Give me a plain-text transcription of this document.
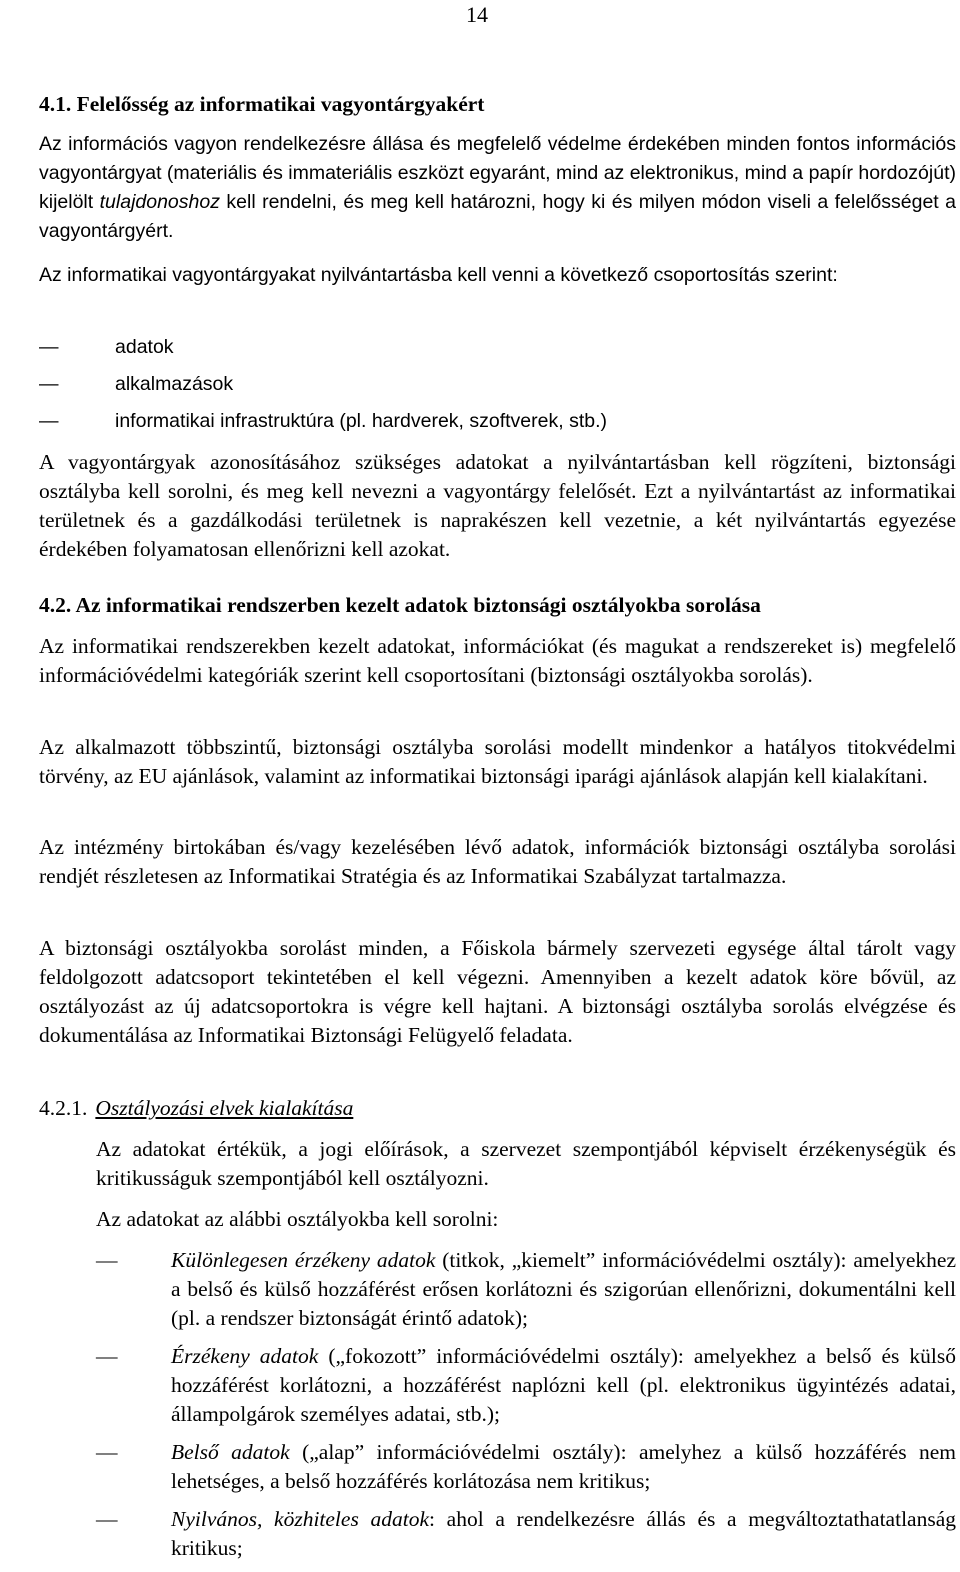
14
4.1. Felelősség az informatikai vagyontárgyakért

Az információs vagyon rendelkezésre állása és megfelelő védelme érdekében minden fontos információs vagyontárgyat (materiális és immateriális eszközt egyaránt, mind az elektronikus, mind a papír hordozójút) kijelölt tulajdonoshoz kell rendelni, és meg kell határozni, hogy ki és milyen módon viseli a felelősséget a vagyontárgyért.

Az informatikai vagyontárgyakat nyilvántartásba kell venni a következő csoportosítás szerint:

—	adatok
—	alkalmazások
—	informatikai infrastruktúra (pl. hardverek, szoftverek, stb.)

A vagyontárgyak azonosításához szükséges adatokat a nyilvántartásban kell rögzíteni, biztonsági osztályba kell sorolni, és meg kell nevezni a vagyontárgy felelősét. Ezt a nyilvántartást az informatikai területnek és a gazdálkodási területnek is naprakészen kell vezetnie, a két nyilvántartás egyezése érdekében folyamatosan ellenőrizni kell azokat.

4.2. Az informatikai rendszerben kezelt adatok biztonsági osztályokba sorolása

Az informatikai rendszerekben kezelt adatokat, információkat (és magukat a rendszereket is) megfelelő információvédelmi kategóriák szerint kell csoportosítani (biztonsági osztályokba sorolás).

Az alkalmazott többszintű, biztonsági osztályba sorolási modellt mindenkor a hatályos titokvédelmi törvény, az EU ajánlások, valamint az informatikai biztonsági iparági ajánlások alapján kell kialakítani.

Az intézmény birtokában és/vagy kezelésében lévő adatok, információk biztonsági osztályba sorolási rendjét részletesen az Informatikai Stratégia és az Informatikai Szabályzat tartalmazza.

A biztonsági osztályokba sorolást minden, a Főiskola bármely szervezeti egysége által tárolt vagy feldolgozott adatcsoport tekintetében el kell végezni. Amennyiben a kezelt adatok köre bővül, az osztályozást az új adatcsoportokra is végre kell hajtani. A biztonsági osztályba sorolás elvégzése és dokumentálása az Informatikai Biztonsági Felügyelő feladata.

4.2.1. Osztályozási elvek kialakítása

Az adatokat értékük, a jogi előírások, a szervezet szempontjából képviselt érzékenységük és kritikusságuk szempontjából kell osztályozni.

Az adatokat az alábbi osztályokba kell sorolni:

— Különlegesen érzékeny adatok (titkok, „kiemelt” információvédelmi osztály): amelyekhez a belső és külső hozzáférést erősen korlátozni és szigorúan ellenőrizni, dokumentálni kell (pl. a rendszer biztonságát érintő adatok);
— Érzékeny adatok („fokozott” információvédelmi osztály): amelyekhez a belső és külső hozzáférést korlátozni, a hozzáférést naplózni kell (pl. elektronikus ügyintézés adatai, állampolgárok személyes adatai, stb.);
— Belső adatok („alap” információvédelmi osztály): amelyhez a külső hozzáférés nem lehetséges, a belső hozzáférés korlátozása nem kritikus;
— Nyilvános, közhiteles adatok: ahol a rendelkezésre állás és a megváltoztathatatlanság kritikus;
